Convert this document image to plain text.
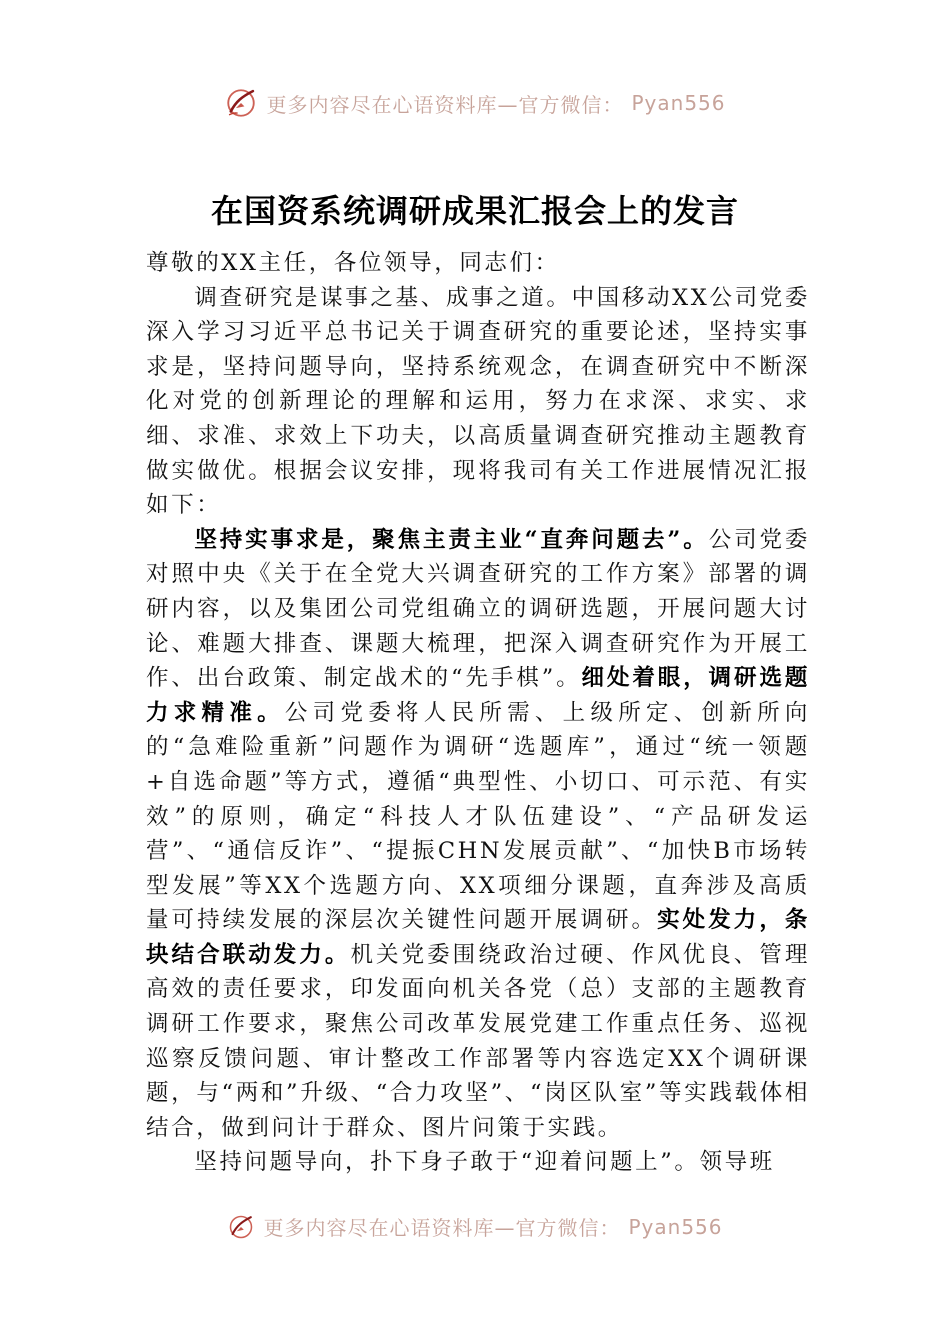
更多内容尽在心语资料库—官方微信： Pyan556
在国资系统调研成果汇报会上的发言

尊敬的XX主任，各位领导，同志们：

调查研究是谋事之基、成事之道。中国移动XX公司党委深入学习习近平总书记关于调查研究的重要论述，坚持实事求是，坚持问题导向，坚持系统观念，在调查研究中不断深化对党的创新理论的理解和运用，努力在求深、求实、求细、求准、求效上下功夫，以高质量调查研究推动主题教育做实做优。根据会议安排，现将我司有关工作进展情况汇报如下：

坚持实事求是，聚焦主责主业“直奔问题去”。公司党委对照中央《关于在全党大兴调查研究的工作方案》部署的调研内容，以及集团公司党组确立的调研选题，开展问题大讨论、难题大排查、课题大梳理，把深入调查研究作为开展工作、出台政策、制定战术的“先手棋”。细处着眼，调研选题力求精准。公司党委将人民所需、上级所定、创新所向的“急难险重新”问题作为调研“选题库”，通过“统一领题+自选命题”等方式，遵循“典型性、小切口、可示范、有实效”的原则，确定“科技人才队伍建设”、“产品研发运营”、“通信反诈”、“提振CHN发展贡献”、“加快B市场转型发展”等XX个选题方向、XX项细分课题，直奔涉及高质量可持续发展的深层次关键性问题开展调研。实处发力，条块结合联动发力。机关党委围绕政治过硬、作风优良、管理高效的责任要求，印发面向机关各党（总）支部的主题教育调研工作要求，聚焦公司改革发展党建工作重点任务、巡视巡察反馈问题、审计整改工作部署等内容选定XX个调研课题，与“两和”升级、“合力攻坚”、“岗区队室”等实践载体相结合，做到问计于群众、图片问策于实践。

坚持问题导向，扑下身子敢于“迎着问题上”。领导班

更多内容尽在心语资料库—官方微信： Pyan556
